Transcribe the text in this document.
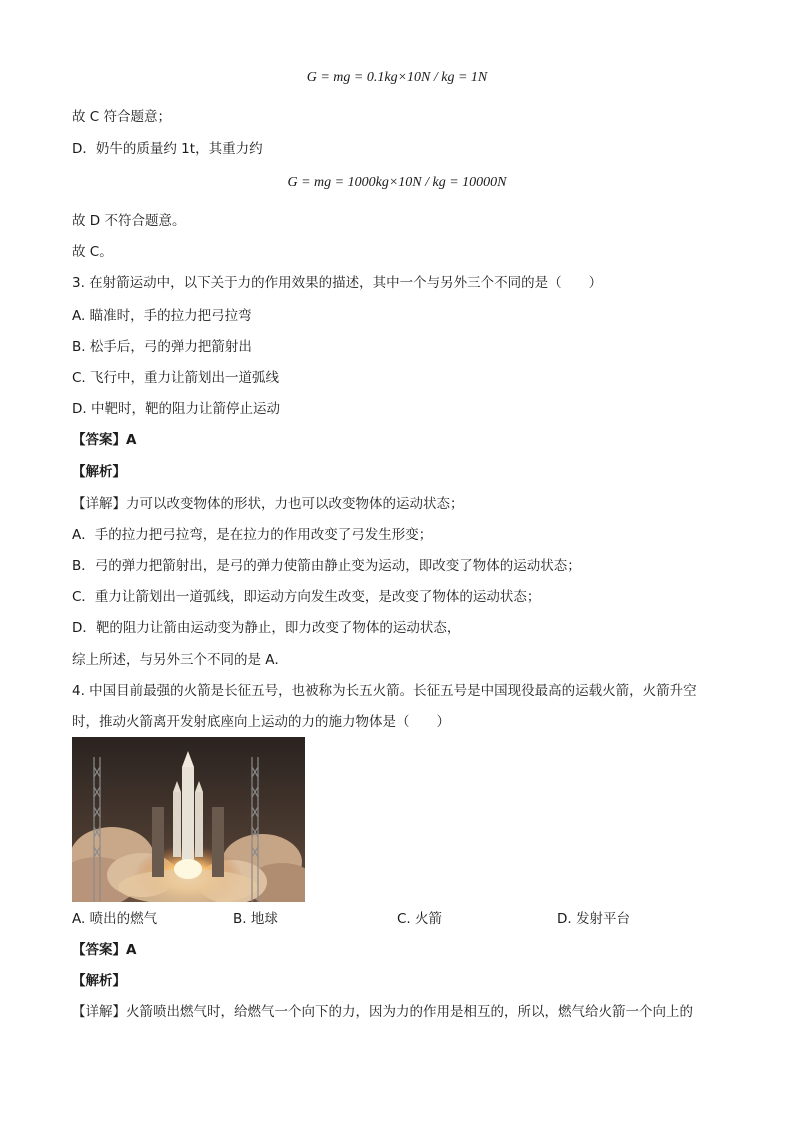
G = mg = 0.1kg×10N / kg = 1N
故 C 符合题意；
D．奶牛的质量约 1t，其重力约
G = mg = 1000kg×10N / kg = 10000N
故 D 不符合题意。
故 C。
3. 在射箭运动中，以下关于力的作用效果的描述，其中一个与另外三个不同的是（　　）
A. 瞄准时，手的拉力把弓拉弯
B. 松手后，弓的弹力把箭射出
C. 飞行中，重力让箭划出一道弧线
D. 中靶时，靶的阻力让箭停止运动
【答案】A
【解析】
【详解】力可以改变物体的形状，力也可以改变物体的运动状态；
A．手的拉力把弓拉弯，是在拉力的作用改变了弓发生形变；
B．弓的弹力把箭射出，是弓的弹力使箭由静止变为运动，即改变了物体的运动状态；
C．重力让箭划出一道弧线，即运动方向发生改变，是改变了物体的运动状态；
D．靶的阻力让箭由运动变为静止，即力改变了物体的运动状态，
综上所述，与另外三个不同的是 A．
4. 中国目前最强的火箭是长征五号，也被称为长五火箭。长征五号是中国现役最高的运载火箭，火箭升空
时，推动火箭离开发射底座向上运动的力的施力物体是（　　）
A. 喷出的燃气	B. 地球	C. 火箭	D. 发射平台
【答案】A
【解析】
【详解】火箭喷出燃气时，给燃气一个向下的力，因为力的作用是相互的，所以，燃气给火箭一个向上的
